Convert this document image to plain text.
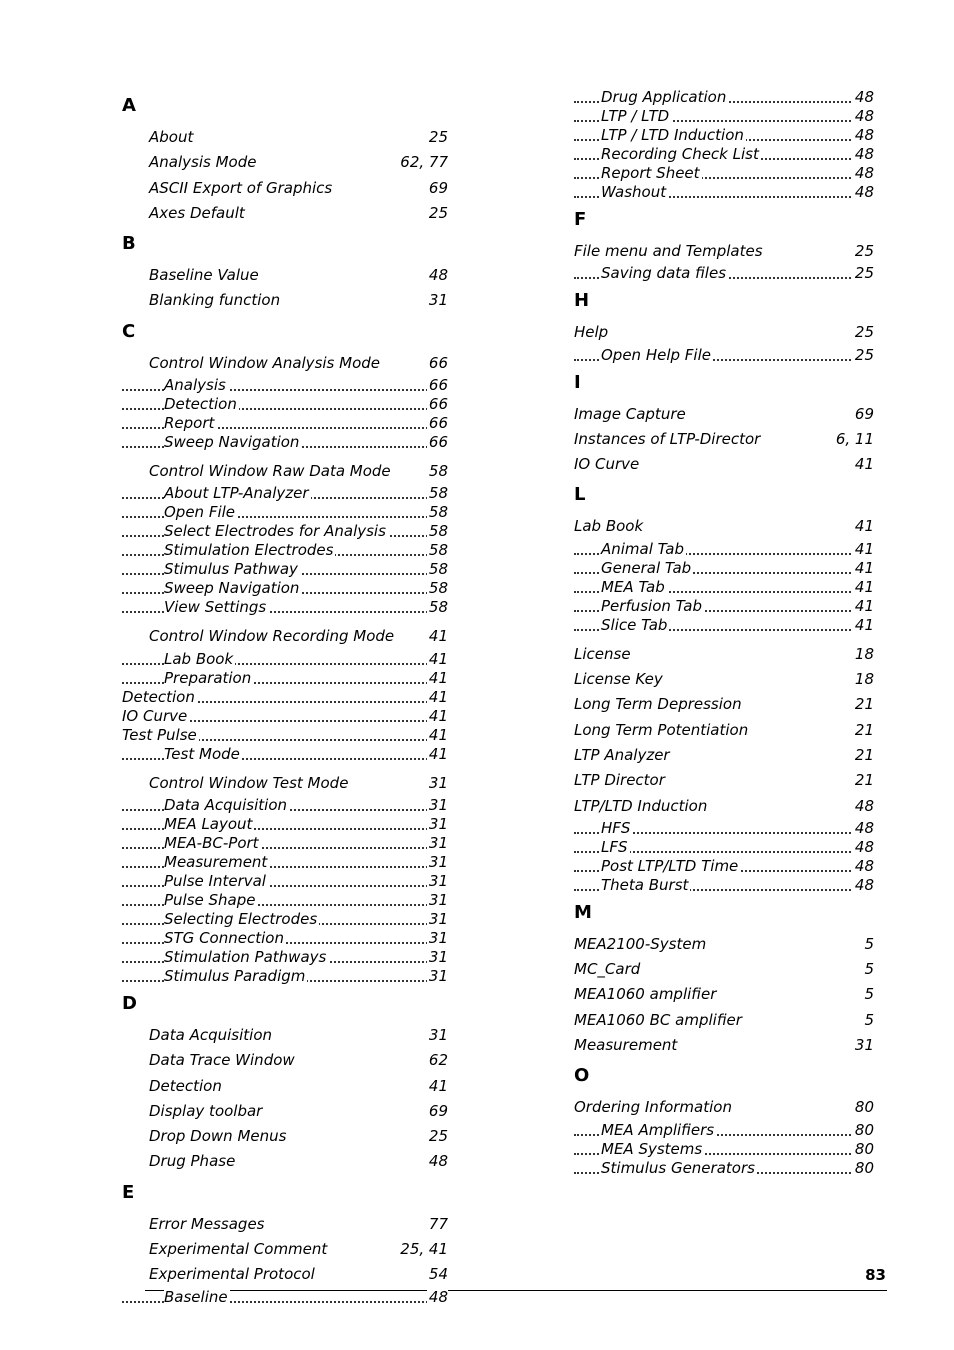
A
About	25
Analysis Mode	62, 77
ASCII Export of Graphics	69
Axes Default	25
B
Baseline Value	48
Blanking function	31
C
Control Window Analysis Mode	66
Analysis	66
Detection	66
Report	66
Sweep Navigation	66
Control Window Raw Data Mode	58
About LTP-Analyzer	58
Open File	58
Select Electrodes for Analysis	58
Stimulation Electrodes	58
Stimulus Pathway	58
Sweep Navigation	58
View Settings	58
Control Window Recording Mode 41
Lab Book	41
Preparation	41
Detection	41
IO Curve	41
Test Pulse	41
Test Mode	41
Control Window Test Mode	31
Data Acquisition	31
MEA Layout	31
MEA-BC-Port	31
Measurement	31
Pulse Interval	31
Pulse Shape	31
Selecting Electrodes	31
STG Connection	31
Stimulation Pathways	31
Stimulus Paradigm	31
D
Data Acquisition	31
Data Trace Window	62
Detection	41
Display toolbar	69
Drop Down Menus	25
Drug Phase	48
E
Error Messages	77
Experimental Comment	25, 41
Experimental Protocol	54
Baseline	48
Drug Application	48
LTP / LTD	48
LTP / LTD Induction	48
Recording Check List	48
Report Sheet	48
Washout	48
F
File menu and Templates	25
Saving data files	25
H
Help	25
Open Help File	25
I
Image Capture	69
Instances of LTP-Director	6, 11
IO Curve	41
L
Lab Book	41
Animal Tab	41
General Tab	41
MEA Tab	41
Perfusion Tab	41
Slice Tab	41
License	18
License Key	18
Long Term Depression	21
Long Term Potentiation	21
LTP Analyzer	21
LTP Director	21
LTP/LTD Induction	48
HFS	48
LFS	48
Post LTP/LTD Time	48
Theta Burst	48
M
MEA2100-System	5
MC_Card	5
MEA1060 amplifier	5
MEA1060 BC amplifier	5
Measurement	31
O
Ordering Information	80
MEA Amplifiers	80
MEA Systems	80
Stimulus Generators	80
83
